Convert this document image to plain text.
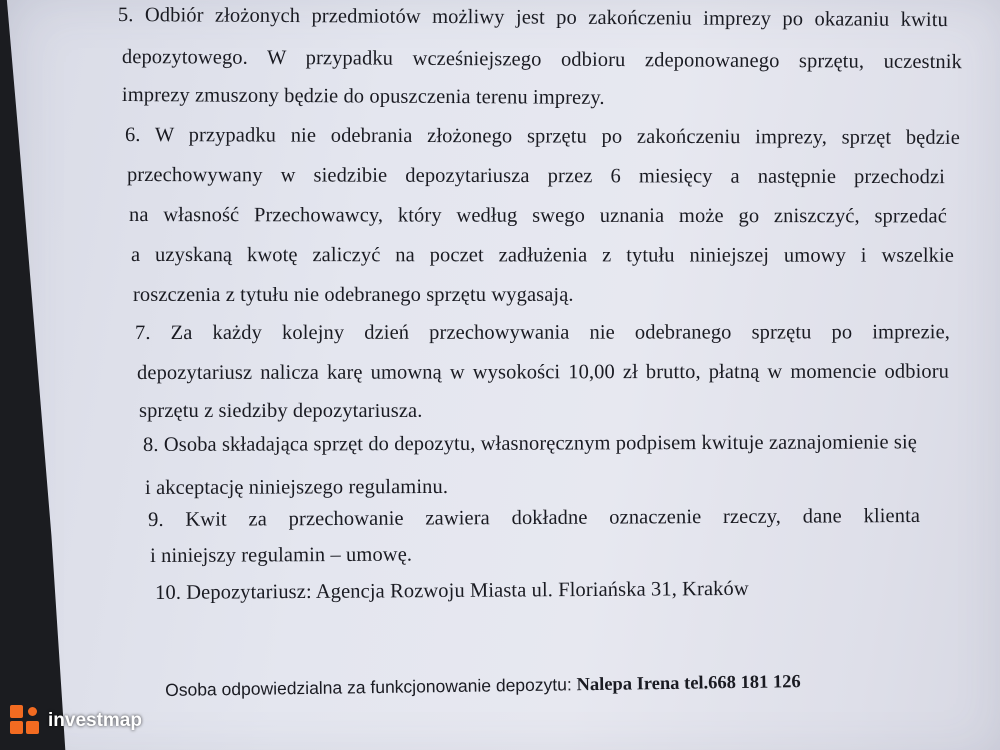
5. Odbiór złożonych przedmiotów możliwy jest po zakończeniu imprezy po okazaniu kwitu
depozytowego. W przypadku wcześniejszego odbioru zdeponowanego sprzętu, uczestnik
imprezy zmuszony będzie do opuszczenia terenu imprezy.
6. W przypadku nie odebrania złożonego sprzętu po zakończeniu imprezy, sprzęt będzie
przechowywany w siedzibie depozytariusza przez 6 miesięcy a następnie przechodzi
na własność Przechowawcy, który według swego uznania może go zniszczyć, sprzedać
a uzyskaną kwotę zaliczyć na poczet zadłużenia z tytułu niniejszej umowy i wszelkie
roszczenia z tytułu nie odebranego sprzętu wygasają.
7. Za każdy kolejny dzień przechowywania nie odebranego sprzętu po imprezie,
depozytariusz nalicza karę umowną w wysokości 10,00 zł brutto, płatną w momencie odbioru
sprzętu z siedziby depozytariusza.
8. Osoba składająca sprzęt do depozytu, własnoręcznym podpisem kwituje zaznajomienie się
i akceptację niniejszego regulaminu.
9. Kwit za przechowanie zawiera dokładne oznaczenie rzeczy, dane klienta
i niniejszy regulamin – umowę.
10. Depozytariusz: Agencja Rozwoju Miasta ul. Floriańska 31, Kraków
Osoba odpowiedzialna za funkcjonowanie depozytu: Nalepa Irena tel.668 181 126
investmap
